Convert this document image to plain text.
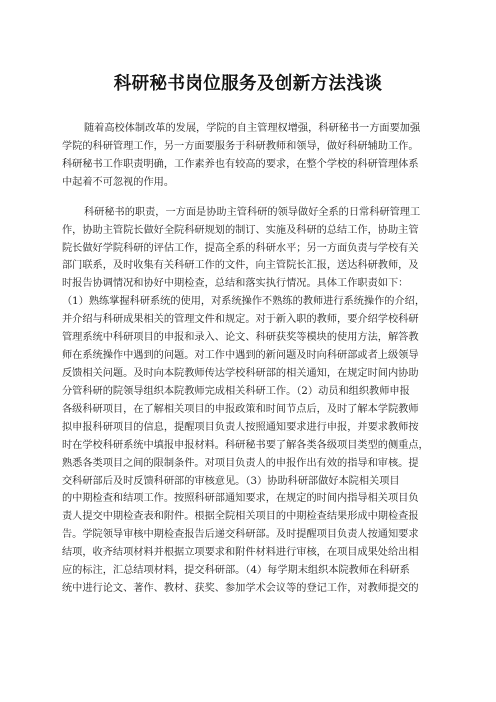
科研秘书岗位服务及创新方法浅谈
随着高校体制改革的发展，学院的自主管理权增强，科研秘书一方面要加强
学院的科研管理工作，另一方面要服务于科研教师和领导，做好科研辅助工作。
科研秘书工作职责明确，工作素养也有较高的要求，在整个学校的科研管理体系
中起着不可忽视的作用。
科研秘书的职责，一方面是协助主管科研的领导做好全系的日常科研管理工
作，协助主管院长做好全院科研规划的制订、实施及科研的总结工作，协助主管
院长做好学院科研的评估工作，提高全系的科研水平；另一方面负责与学校有关
部门联系，及时收集有关科研工作的文件，向主管院长汇报，送达科研教师，及
时报告协调情况和协好中期检查，总结和落实执行情况。具体工作职责如下：
（1）熟练掌握科研系统的使用，对系统操作不熟练的教师进行系统操作的介绍，
并介绍与科研成果相关的管理文件和规定。对于新入职的教师，要介绍学校科研
管理系统中科研项目的申报和录入、论文、科研获奖等模块的使用方法，解答教
师在系统操作中遇到的问题。对工作中遇到的新问题及时向科研部或者上级领导
反馈相关问题。及时向本院教师传达学校科研部的相关通知，在规定时间内协助
分管科研的院领导组织本院教师完成相关科研工作。（2）动员和组织教师申报
各级科研项目，在了解相关项目的申报政策和时间节点后，及时了解本学院教师
拟申报科研项目的信息，提醒项目负责人按照通知要求进行申报，并要求教师按
时在学校科研系统中填报申报材料。科研秘书要了解各类各级项目类型的侧重点，
熟悉各类项目之间的限制条件。对项目负责人的申报作出有效的指导和审核。提
交科研部后及时反馈科研部的审核意见。（3）协助科研部做好本院相关项目
的中期检查和结项工作。按照科研部通知要求，在规定的时间内指导相关项目负
责人提交中期检查表和附件。根据全院相关项目的中期检查结果形成中期检查报
告。学院领导审核中期检查报告后递交科研部。及时提醒项目负责人按通知要求
结项，收齐结项材料并根据立项要求和附件材料进行审核，在项目成果处给出相
应的标注，汇总结项材料，提交科研部。（4）每学期末组织本院教师在科研系
统中进行论文、著作、教材、获奖、参加学术会议等的登记工作，对教师提交的
